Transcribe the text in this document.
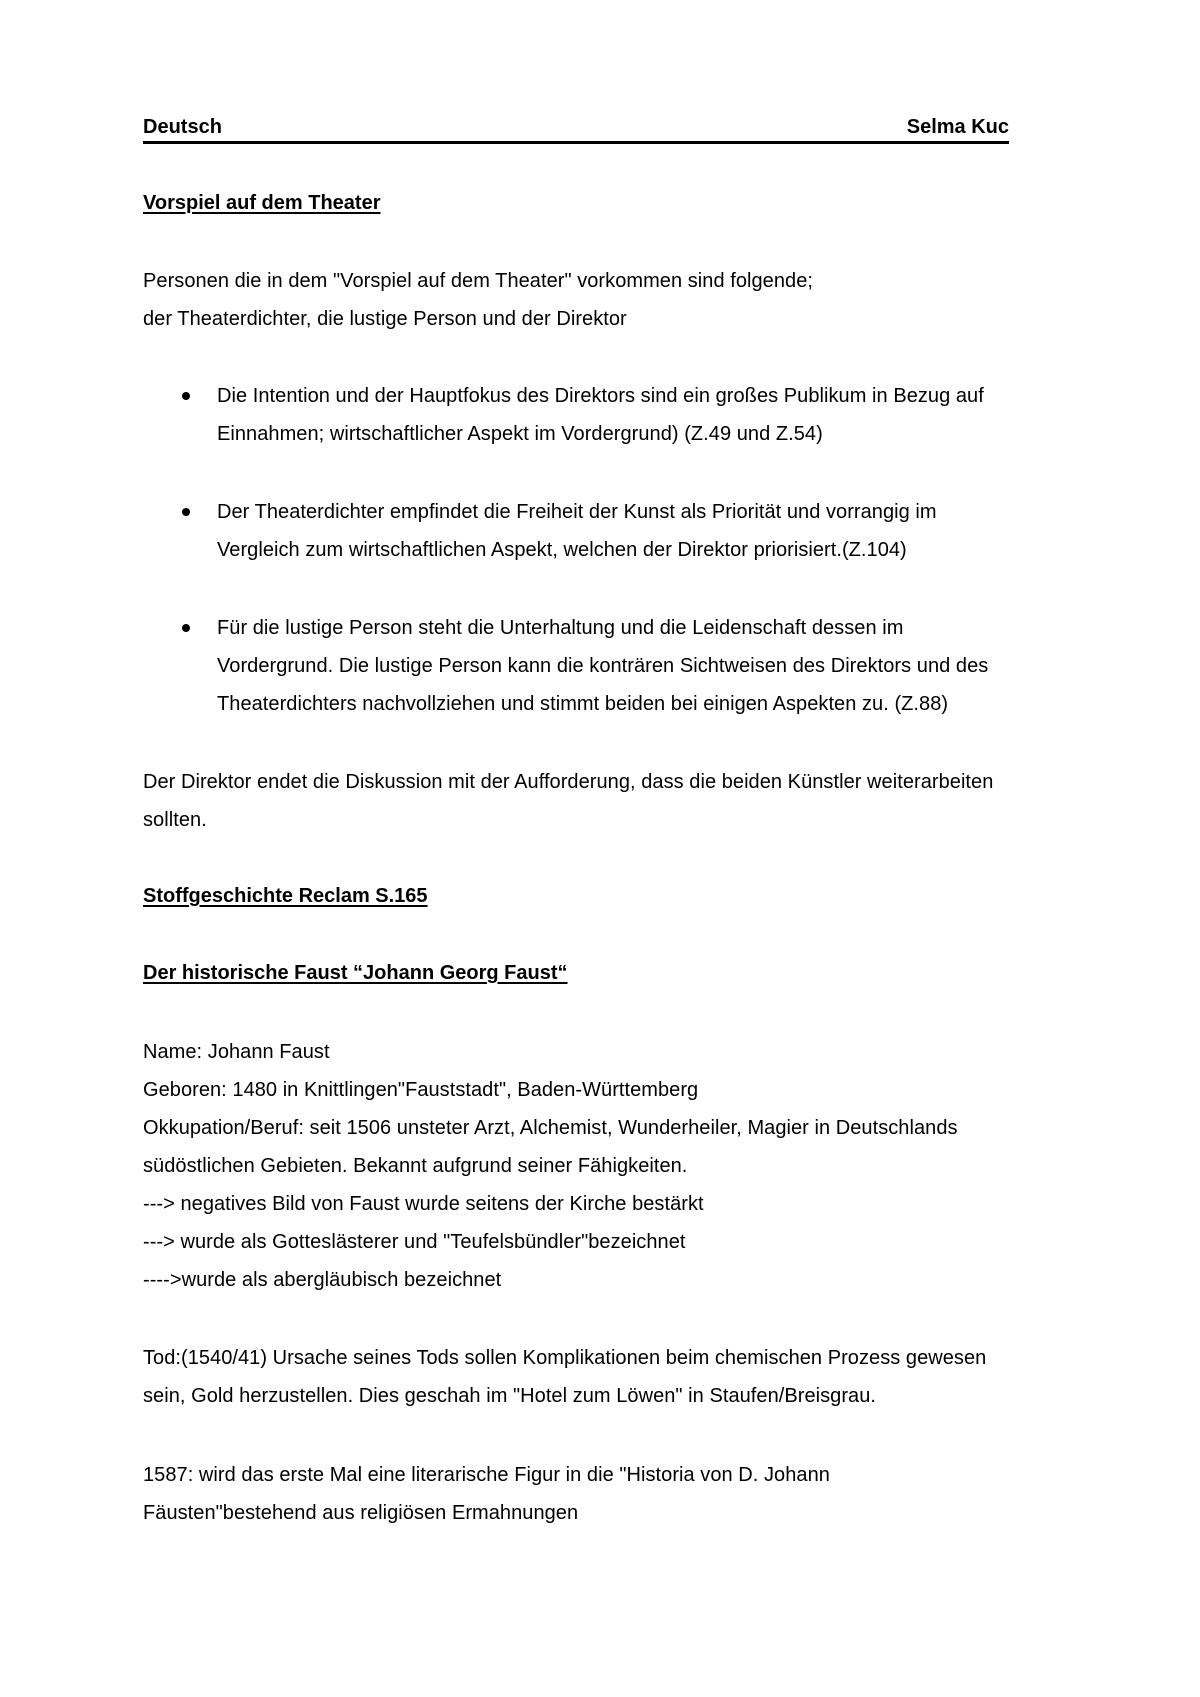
Deutsch	Selma Kuc
Vorspiel auf dem Theater
Personen die in dem "Vorspiel auf dem Theater" vorkommen sind folgende;
der Theaterdichter, die lustige Person und der Direktor
Die Intention und der Hauptfokus des Direktors sind ein großes Publikum in Bezug auf
Einnahmen; wirtschaftlicher Aspekt im Vordergrund) (Z.49 und Z.54)
Der Theaterdichter empfindet die Freiheit der Kunst als Priorität und vorrangig im
Vergleich zum wirtschaftlichen Aspekt, welchen der Direktor priorisiert.(Z.104)
Für die lustige Person steht die Unterhaltung und die Leidenschaft dessen im
Vordergrund. Die lustige Person kann die konträren Sichtweisen des Direktors und des
Theaterdichters nachvollziehen und stimmt beiden bei einigen Aspekten zu. (Z.88)
Der Direktor endet die Diskussion mit der Aufforderung, dass die beiden Künstler weiterarbeiten
sollten.
Stoffgeschichte Reclam S.165
Der historische Faust “Johann Georg Faust“
Name: Johann Faust
Geboren: 1480 in Knittlingen"Fauststadt", Baden-Württemberg
Okkupation/Beruf: seit 1506 unsteter Arzt, Alchemist, Wunderheiler, Magier in Deutschlands
südöstlichen Gebieten. Bekannt aufgrund seiner Fähigkeiten.
---> negatives Bild von Faust wurde seitens der Kirche bestärkt
---> wurde als Gotteslästerer und "Teufelsbündler"bezeichnet
---->wurde als abergläubisch bezeichnet
Tod:(1540/41) Ursache seines Tods sollen Komplikationen beim chemischen Prozess gewesen
sein, Gold herzustellen. Dies geschah im "Hotel zum Löwen" in Staufen/Breisgrau.
1587: wird das erste Mal eine literarische Figur in die "Historia von D. Johann
Fäusten"bestehend aus religiösen Ermahnungen
